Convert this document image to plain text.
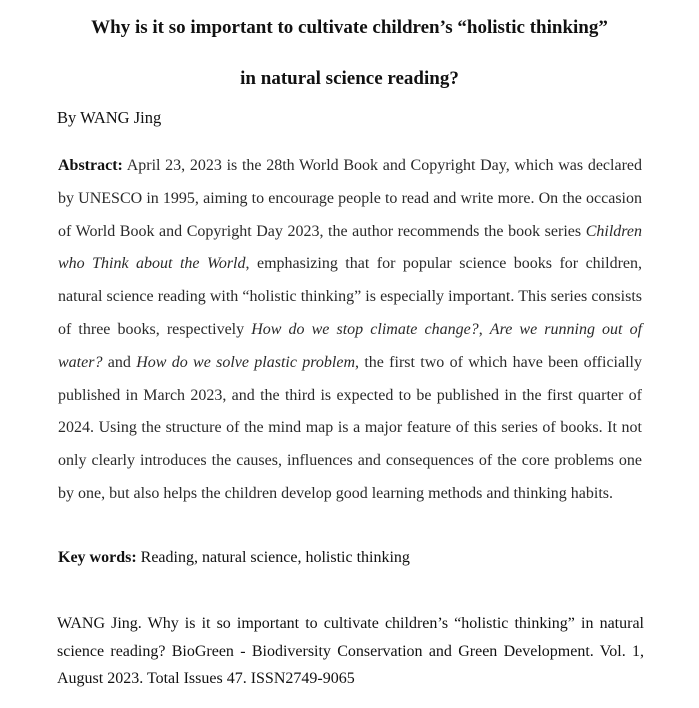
Why is it so important to cultivate children’s “holistic thinking”
in natural science reading?

By WANG Jing

Abstract: April 23, 2023 is the 28th World Book and Copyright Day, which was declared by UNESCO in 1995, aiming to encourage people to read and write more. On the occasion of World Book and Copyright Day 2023, the author recommends the book series Children who Think about the World, emphasizing that for popular science books for children, natural science reading with “holistic thinking” is especially important. This series consists of three books, respectively How do we stop climate change?, Are we running out of water? and How do we solve plastic problem, the first two of which have been officially published in March 2023, and the third is expected to be published in the first quarter of 2024. Using the structure of the mind map is a major feature of this series of books. It not only clearly introduces the causes, influences and consequences of the core problems one by one, but also helps the children develop good learning methods and thinking habits.

Key words: Reading, natural science, holistic thinking

WANG Jing. Why is it so important to cultivate children’s “holistic thinking” in natural science reading? BioGreen - Biodiversity Conservation and Green Development. Vol. 1, August 2023. Total Issues 47. ISSN2749-9065
